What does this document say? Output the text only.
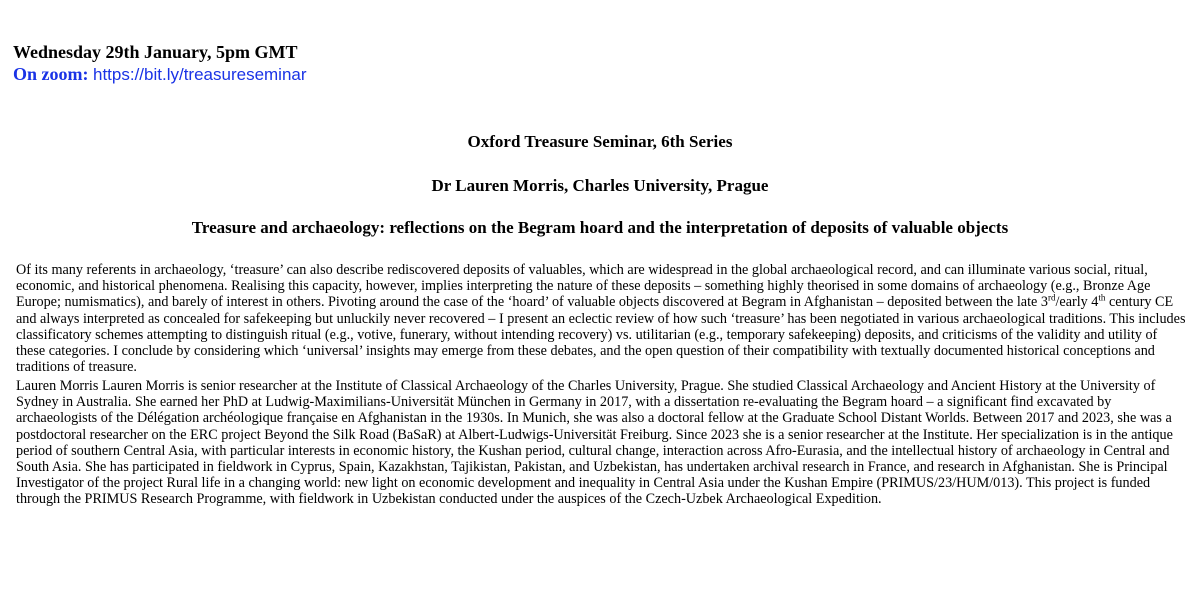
Wednesday 29th January, 5pm GMT
On zoom: https://bit.ly/treasureseminar
Oxford Treasure Seminar, 6th Series
Dr Lauren Morris, Charles University, Prague
Treasure and archaeology: reflections on the Begram hoard and the interpretation of deposits of valuable objects
Of its many referents in archaeology, ‘treasure’ can also describe rediscovered deposits of valuables, which are widespread in the global archaeological record, and can illuminate various social, ritual, economic, and historical phenomena. Realising this capacity, however, implies interpreting the nature of these deposits – something highly theorised in some domains of archaeology (e.g., Bronze Age Europe; numismatics), and barely of interest in others. Pivoting around the case of the ‘hoard’ of valuable objects discovered at Begram in Afghanistan – deposited between the late 3rd/early 4th century CE and always interpreted as concealed for safekeeping but unluckily never recovered – I present an eclectic review of how such ‘treasure’ has been negotiated in various archaeological traditions. This includes classificatory schemes attempting to distinguish ritual (e.g., votive, funerary, without intending recovery) vs. utilitarian (e.g., temporary safekeeping) deposits, and criticisms of the validity and utility of these categories. I conclude by considering which ‘universal’ insights may emerge from these debates, and the open question of their compatibility with textually documented historical conceptions and traditions of treasure.
Lauren Morris Lauren Morris is senior researcher at the Institute of Classical Archaeology of the Charles University, Prague. She studied Classical Archaeology and Ancient History at the University of Sydney in Australia. She earned her PhD at Ludwig-Maximilians-Universität München in Germany in 2017, with a dissertation re-evaluating the Begram hoard – a significant find excavated by archaeologists of the Délégation archéologique française en Afghanistan in the 1930s. In Munich, she was also a doctoral fellow at the Graduate School Distant Worlds. Between 2017 and 2023, she was a postdoctoral researcher on the ERC project Beyond the Silk Road (BaSaR) at Albert-Ludwigs-Universität Freiburg. Since 2023 she is a senior researcher at the Institute. Her specialization is in the antique period of southern Central Asia, with particular interests in economic history, the Kushan period, cultural change, interaction across Afro-Eurasia, and the intellectual history of archaeology in Central and South Asia. She has participated in fieldwork in Cyprus, Spain, Kazakhstan, Tajikistan, Pakistan, and Uzbekistan, has undertaken archival research in France, and research in Afghanistan. She is Principal Investigator of the project Rural life in a changing world: new light on economic development and inequality in Central Asia under the Kushan Empire (PRIMUS/23/HUM/013). This project is funded through the PRIMUS Research Programme, with fieldwork in Uzbekistan conducted under the auspices of the Czech-Uzbek Archaeological Expedition.
